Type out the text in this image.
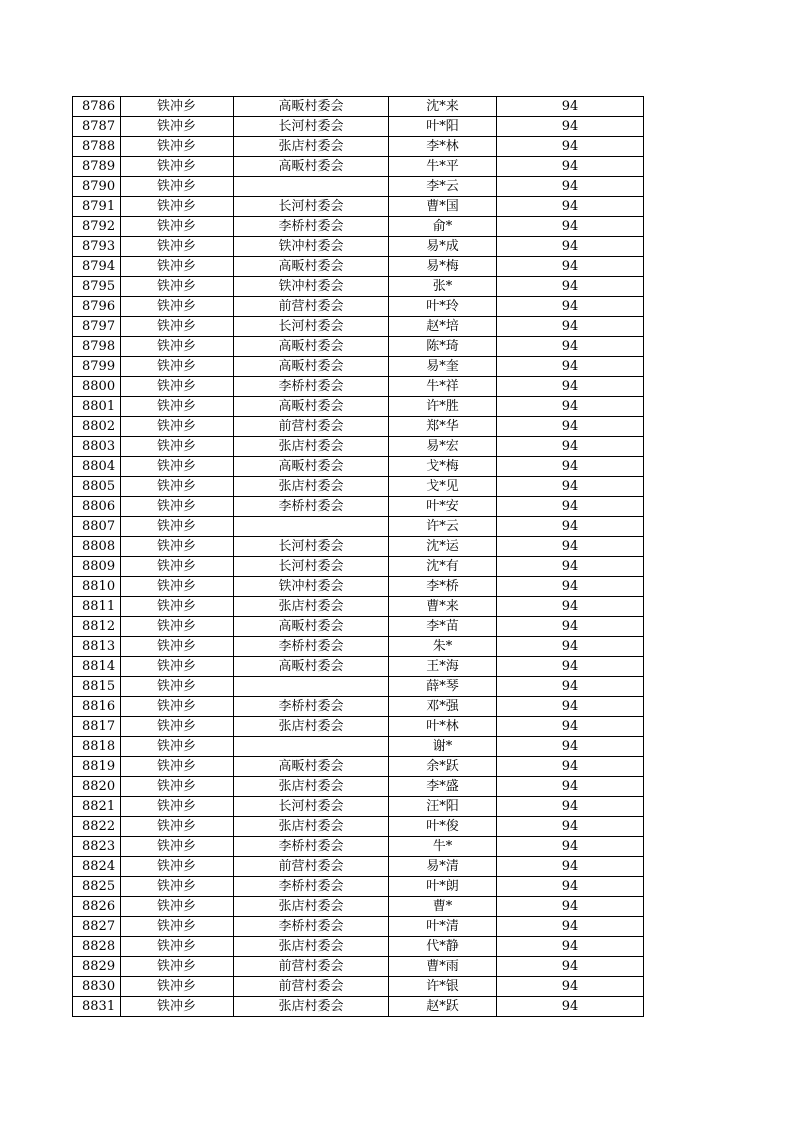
8786	铁冲乡	高畈村委会	沈*来	94
8787	铁冲乡	长河村委会	叶*阳	94
8788	铁冲乡	张店村委会	李*林	94
8789	铁冲乡	高畈村委会	牛*平	94
8790	铁冲乡		李*云	94
8791	铁冲乡	长河村委会	曹*国	94
8792	铁冲乡	李桥村委会	俞*	94
8793	铁冲乡	铁冲村委会	易*成	94
8794	铁冲乡	高畈村委会	易*梅	94
8795	铁冲乡	铁冲村委会	张*	94
8796	铁冲乡	前营村委会	叶*玲	94
8797	铁冲乡	长河村委会	赵*培	94
8798	铁冲乡	高畈村委会	陈*琦	94
8799	铁冲乡	高畈村委会	易*奎	94
8800	铁冲乡	李桥村委会	牛*祥	94
8801	铁冲乡	高畈村委会	许*胜	94
8802	铁冲乡	前营村委会	郑*华	94
8803	铁冲乡	张店村委会	易*宏	94
8804	铁冲乡	高畈村委会	戈*梅	94
8805	铁冲乡	张店村委会	戈*见	94
8806	铁冲乡	李桥村委会	叶*安	94
8807	铁冲乡		许*云	94
8808	铁冲乡	长河村委会	沈*运	94
8809	铁冲乡	长河村委会	沈*有	94
8810	铁冲乡	铁冲村委会	李*桥	94
8811	铁冲乡	张店村委会	曹*来	94
8812	铁冲乡	高畈村委会	李*苗	94
8813	铁冲乡	李桥村委会	朱*	94
8814	铁冲乡	高畈村委会	王*海	94
8815	铁冲乡		薛*琴	94
8816	铁冲乡	李桥村委会	邓*强	94
8817	铁冲乡	张店村委会	叶*林	94
8818	铁冲乡		谢*	94
8819	铁冲乡	高畈村委会	余*跃	94
8820	铁冲乡	张店村委会	李*盛	94
8821	铁冲乡	长河村委会	汪*阳	94
8822	铁冲乡	张店村委会	叶*俊	94
8823	铁冲乡	李桥村委会	牛*	94
8824	铁冲乡	前营村委会	易*清	94
8825	铁冲乡	李桥村委会	叶*朗	94
8826	铁冲乡	张店村委会	曹*	94
8827	铁冲乡	李桥村委会	叶*清	94
8828	铁冲乡	张店村委会	代*静	94
8829	铁冲乡	前营村委会	曹*雨	94
8830	铁冲乡	前营村委会	许*银	94
8831	铁冲乡	张店村委会	赵*跃	94
